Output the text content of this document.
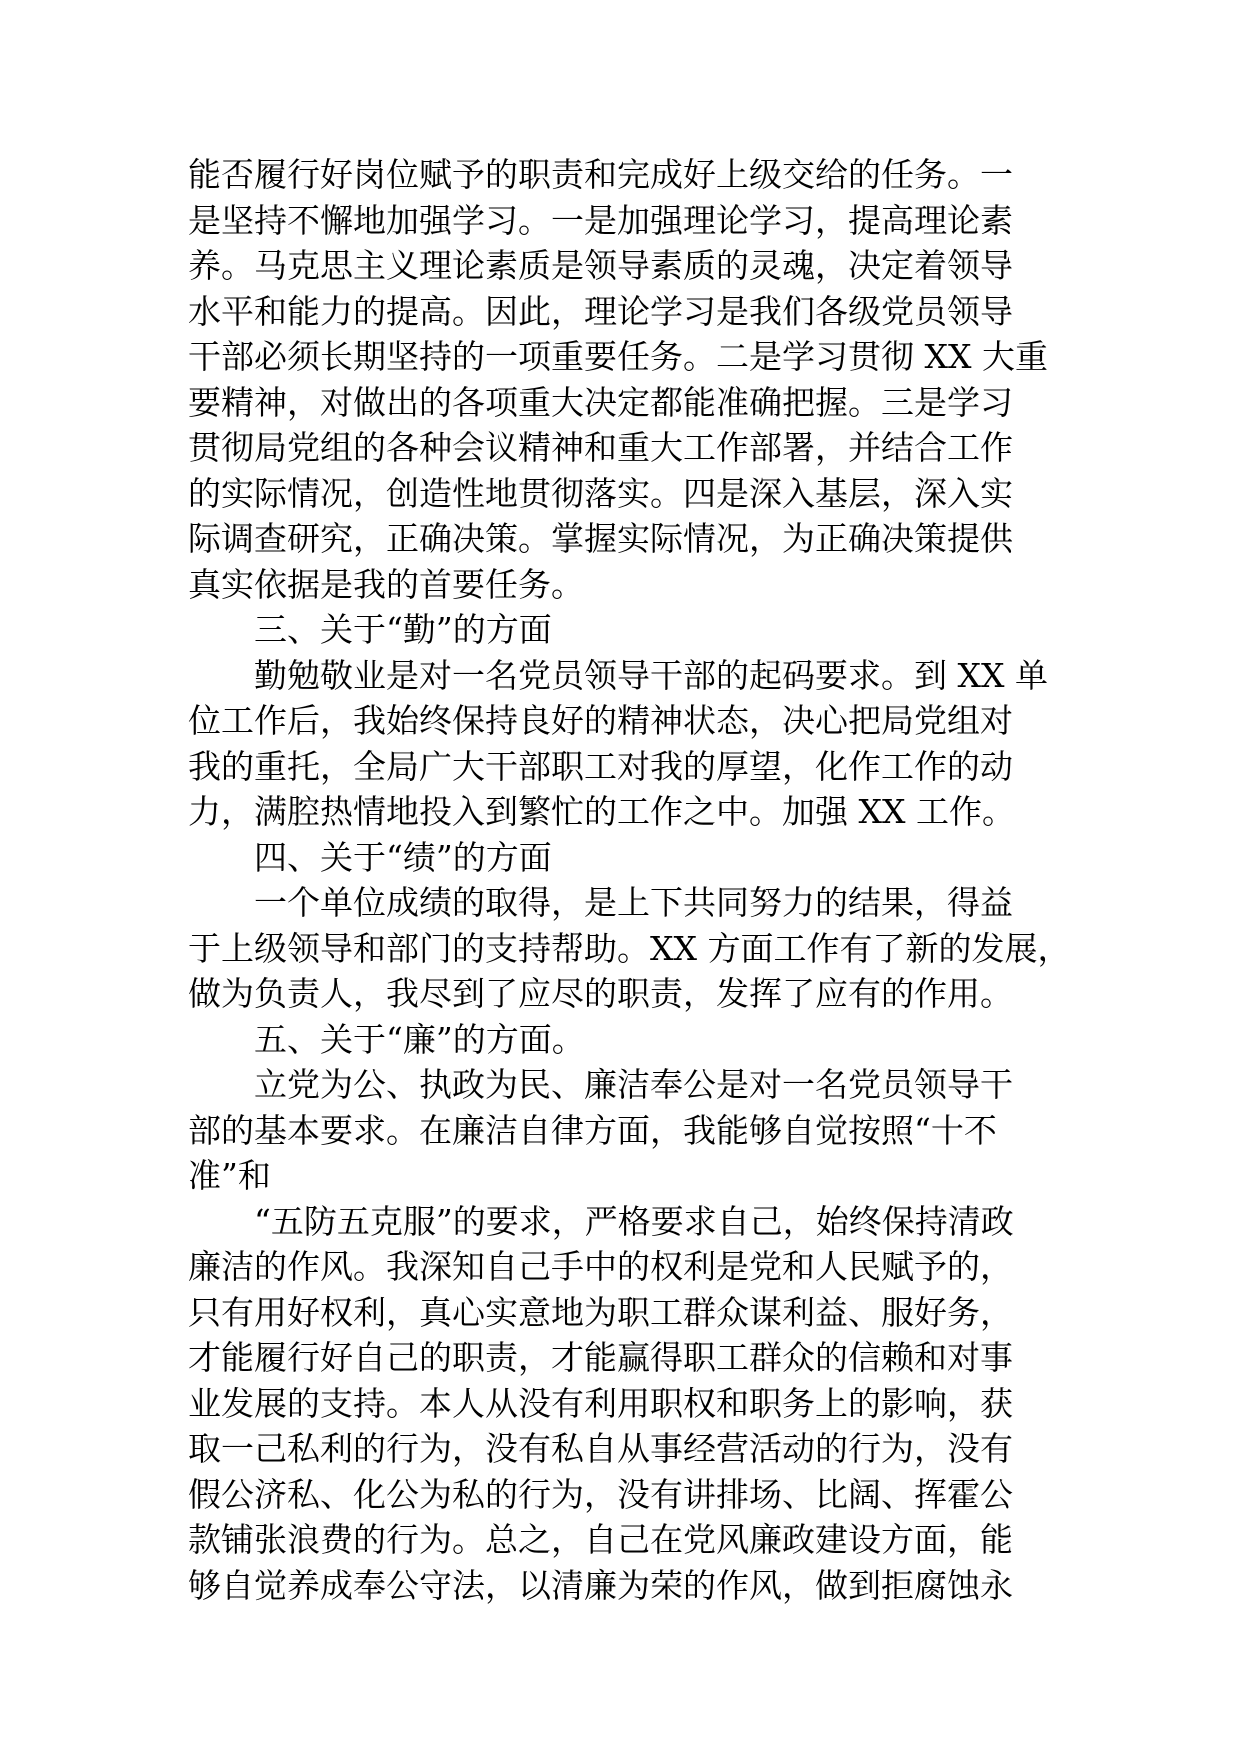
能否履行好岗位赋予的职责和完成好上级交给的任务。一
是坚持不懈地加强学习。一是加强理论学习，提高理论素
养。马克思主义理论素质是领导素质的灵魂，决定着领导
水平和能力的提高。因此，理论学习是我们各级党员领导
干部必须长期坚持的一项重要任务。二是学习贯彻 XX 大重
要精神，对做出的各项重大决定都能准确把握。三是学习
贯彻局党组的各种会议精神和重大工作部署，并结合工作
的实际情况，创造性地贯彻落实。四是深入基层，深入实
际调查研究，正确决策。掌握实际情况，为正确决策提供
真实依据是我的首要任务。
三、关于“勤”的方面
勤勉敬业是对一名党员领导干部的起码要求。到 XX 单
位工作后，我始终保持良好的精神状态，决心把局党组对
我的重托，全局广大干部职工对我的厚望，化作工作的动
力，满腔热情地投入到繁忙的工作之中。加强 XX 工作。
四、关于“绩”的方面
一个单位成绩的取得，是上下共同努力的结果，得益
于上级领导和部门的支持帮助。XX 方面工作有了新的发展，
做为负责人，我尽到了应尽的职责，发挥了应有的作用。
五、关于“廉”的方面。
立党为公、执政为民、廉洁奉公是对一名党员领导干
部的基本要求。在廉洁自律方面，我能够自觉按照“十不
准”和
“五防五克服”的要求，严格要求自己，始终保持清政
廉洁的作风。我深知自己手中的权利是党和人民赋予的，
只有用好权利，真心实意地为职工群众谋利益、服好务，
才能履行好自己的职责，才能赢得职工群众的信赖和对事
业发展的支持。本人从没有利用职权和职务上的影响，获
取一己私利的行为，没有私自从事经营活动的行为，没有
假公济私、化公为私的行为，没有讲排场、比阔、挥霍公
款铺张浪费的行为。总之，自己在党风廉政建设方面，能
够自觉养成奉公守法，以清廉为荣的作风，做到拒腐蚀永
